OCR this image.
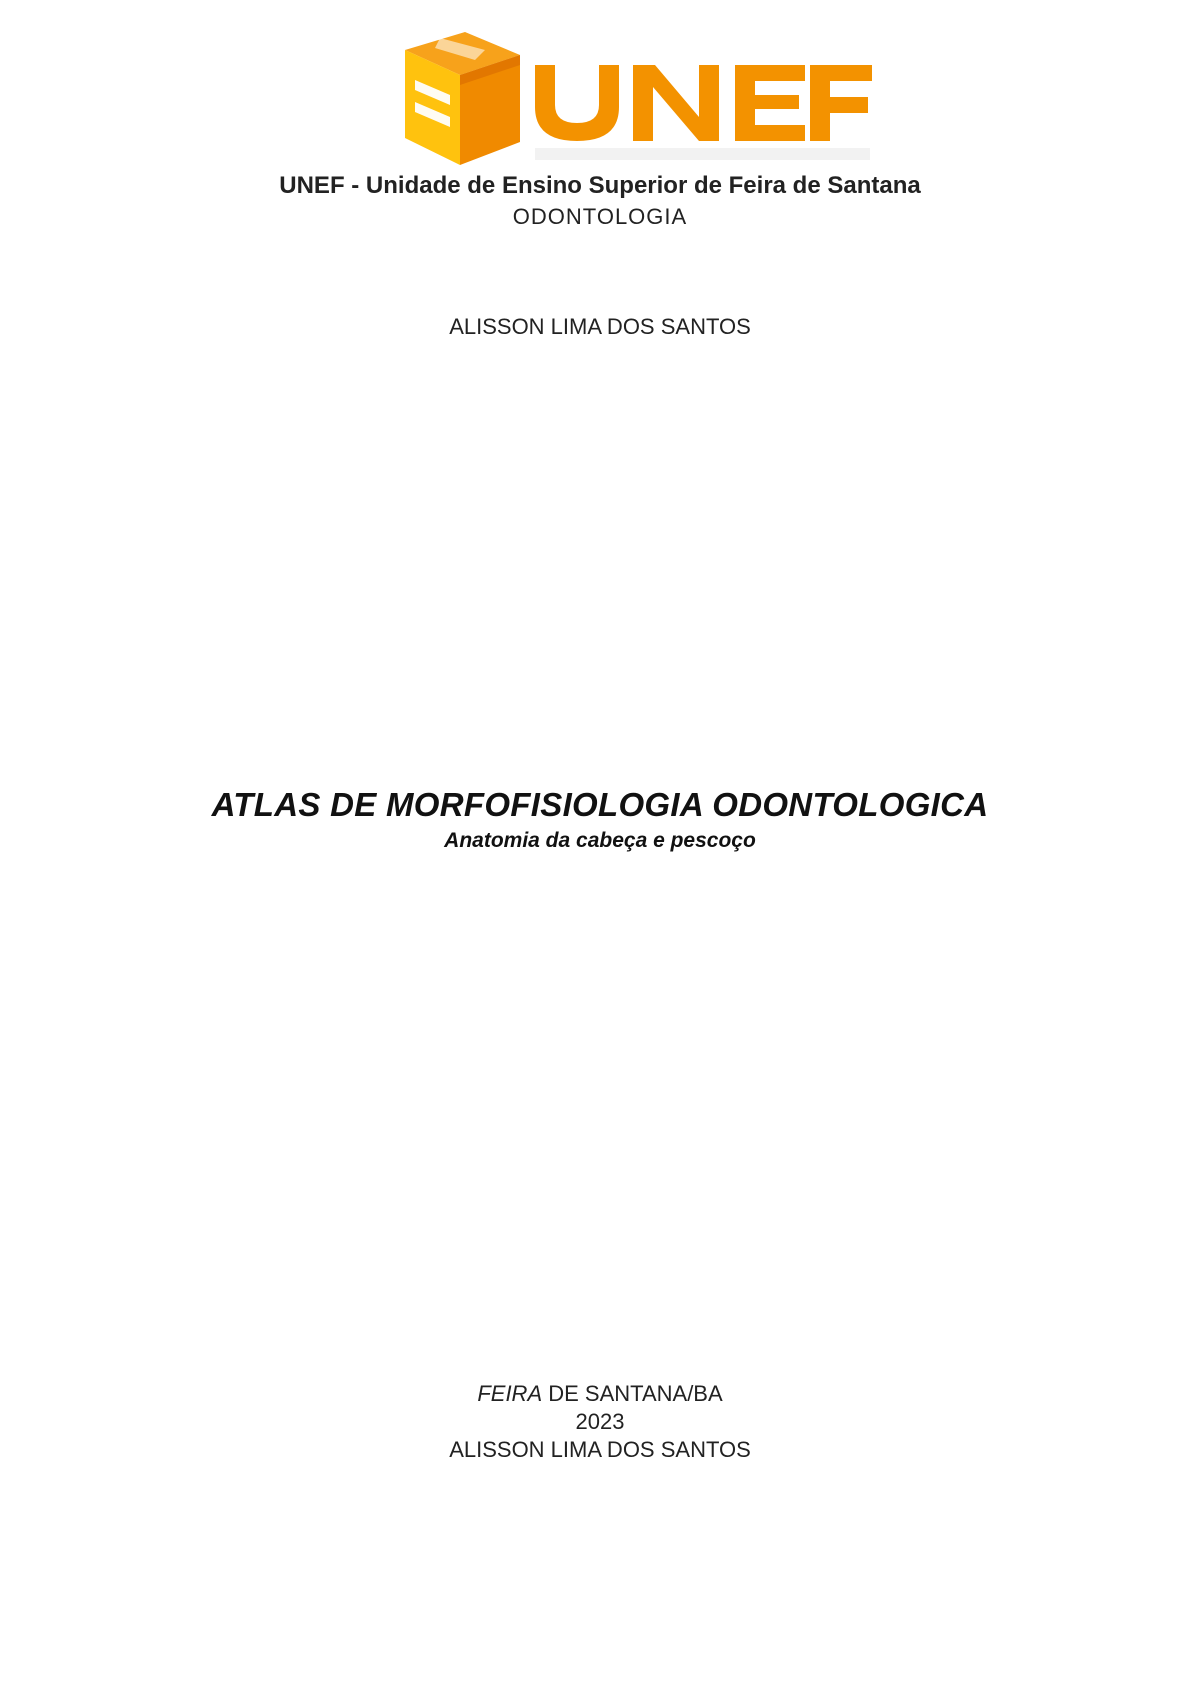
UNEF - Unidade de Ensino Superior de Feira de Santana
ODONTOLOGIA
ALISSON LIMA DOS SANTOS
ATLAS DE MORFOFISIOLOGIA ODONTOLOGICA
Anatomia da cabeça e pescoço
FEIRA DE SANTANA/BA
2023
ALISSON LIMA DOS SANTOS
